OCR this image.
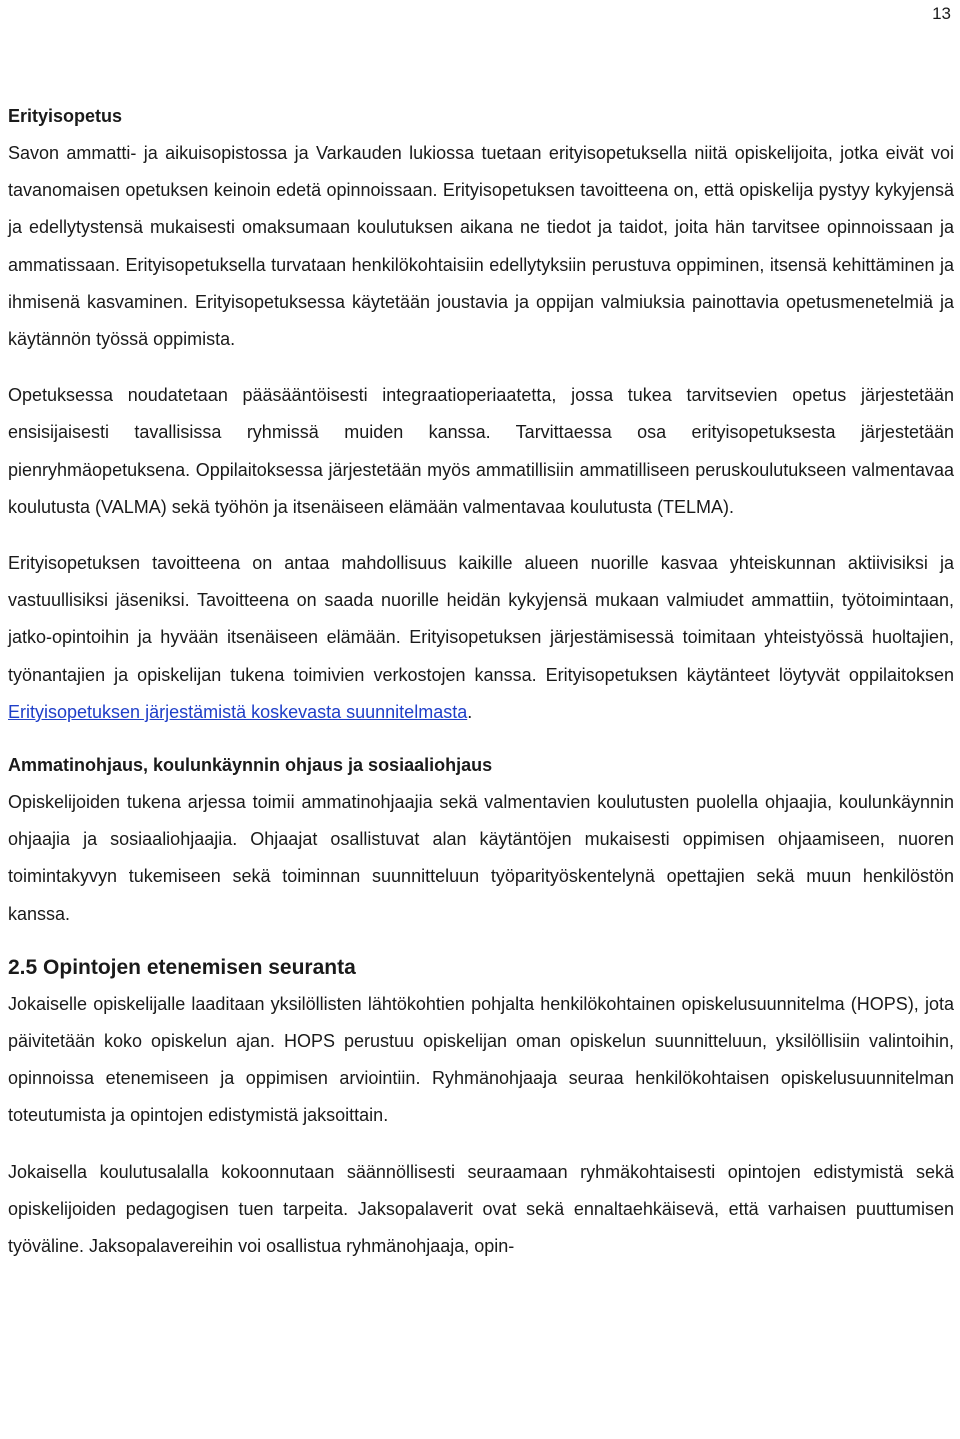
13
Erityisopetus

Savon ammatti- ja aikuisopistossa ja Varkauden lukiossa tuetaan erityisopetuksella niitä opiskelijoita, jotka eivät voi tavanomaisen opetuksen keinoin edetä opinnoissaan. Erityisopetuksen tavoitteena on, että opiskelija pystyy kykyjensä ja edellytystensä mukaisesti omaksumaan koulutuksen aikana ne tiedot ja taidot, joita hän tarvitsee opinnoissaan ja ammatissaan. Erityisopetuksella turvataan henkilökohtaisiin edellytyksiin perustuva oppiminen, itsensä kehittäminen ja ihmisenä kasvaminen. Erityisopetuksessa käytetään joustavia ja oppijan valmiuksia painottavia opetusmenetelmiä ja käytännön työssä oppimista.

Opetuksessa noudatetaan pääsääntöisesti integraatioperiaatetta, jossa tukea tarvitsevien opetus järjestetään ensisijaisesti tavallisissa ryhmissä muiden kanssa. Tarvittaessa osa erityisopetuksesta järjestetään pienryhmäopetuksena. Oppilaitoksessa järjestetään myös ammatillisiin ammatilliseen peruskoulutukseen valmentavaa koulutusta (VALMA) sekä työhön ja itsenäiseen elämään valmentavaa koulutusta (TELMA).

Erityisopetuksen tavoitteena on antaa mahdollisuus kaikille alueen nuorille kasvaa yhteiskunnan aktiivisiksi ja vastuullisiksi jäseniksi. Tavoitteena on saada nuorille heidän kykyjensä mukaan valmiudet ammattiin, työtoimintaan, jatko-opintoihin ja hyvään itsenäiseen elämään. Erityisopetuksen järjestämisessä toimitaan yhteistyössä huoltajien, työnantajien ja opiskelijan tukena toimivien verkostojen kanssa. Erityisopetuksen käytänteet löytyvät oppilaitoksen Erityisopetuksen järjestämistä koskevasta suunnitelmasta.

Ammatinohjaus, koulunkäynnin ohjaus ja sosiaaliohjaus

Opiskelijoiden tukena arjessa toimii ammatinohjaajia sekä valmentavien koulutusten puolella ohjaajia, koulunkäynnin ohjaajia ja sosiaaliohjaajia. Ohjaajat osallistuvat alan käytäntöjen mukaisesti oppimisen ohjaamiseen, nuoren toimintakyvyn tukemiseen sekä toiminnan suunnitteluun työparityöskentelynä opettajien sekä muun henkilöstön kanssa.

2.5 Opintojen etenemisen seuranta

Jokaiselle opiskelijalle laaditaan yksilöllisten lähtökohtien pohjalta henkilökohtainen opiskelusuunnitelma (HOPS), jota päivitetään koko opiskelun ajan. HOPS perustuu opiskelijan oman opiskelun suunnitteluun, yksilöllisiin valintoihin, opinnoissa etenemiseen ja oppimisen arviointiin. Ryhmänohjaaja seuraa henkilökohtaisen opiskelusuunnitelman toteutumista ja opintojen edistymistä jaksoittain.

Jokaisella koulutusalalla kokoonnutaan säännöllisesti seuraamaan ryhmäkohtaisesti opintojen edistymistä sekä opiskelijoiden pedagogisen tuen tarpeita. Jaksopalaverit ovat sekä ennaltaehkäisevä, että varhaisen puuttumisen työväline. Jaksopalavereihin voi osallistua ryhmänohjaaja, opin-
